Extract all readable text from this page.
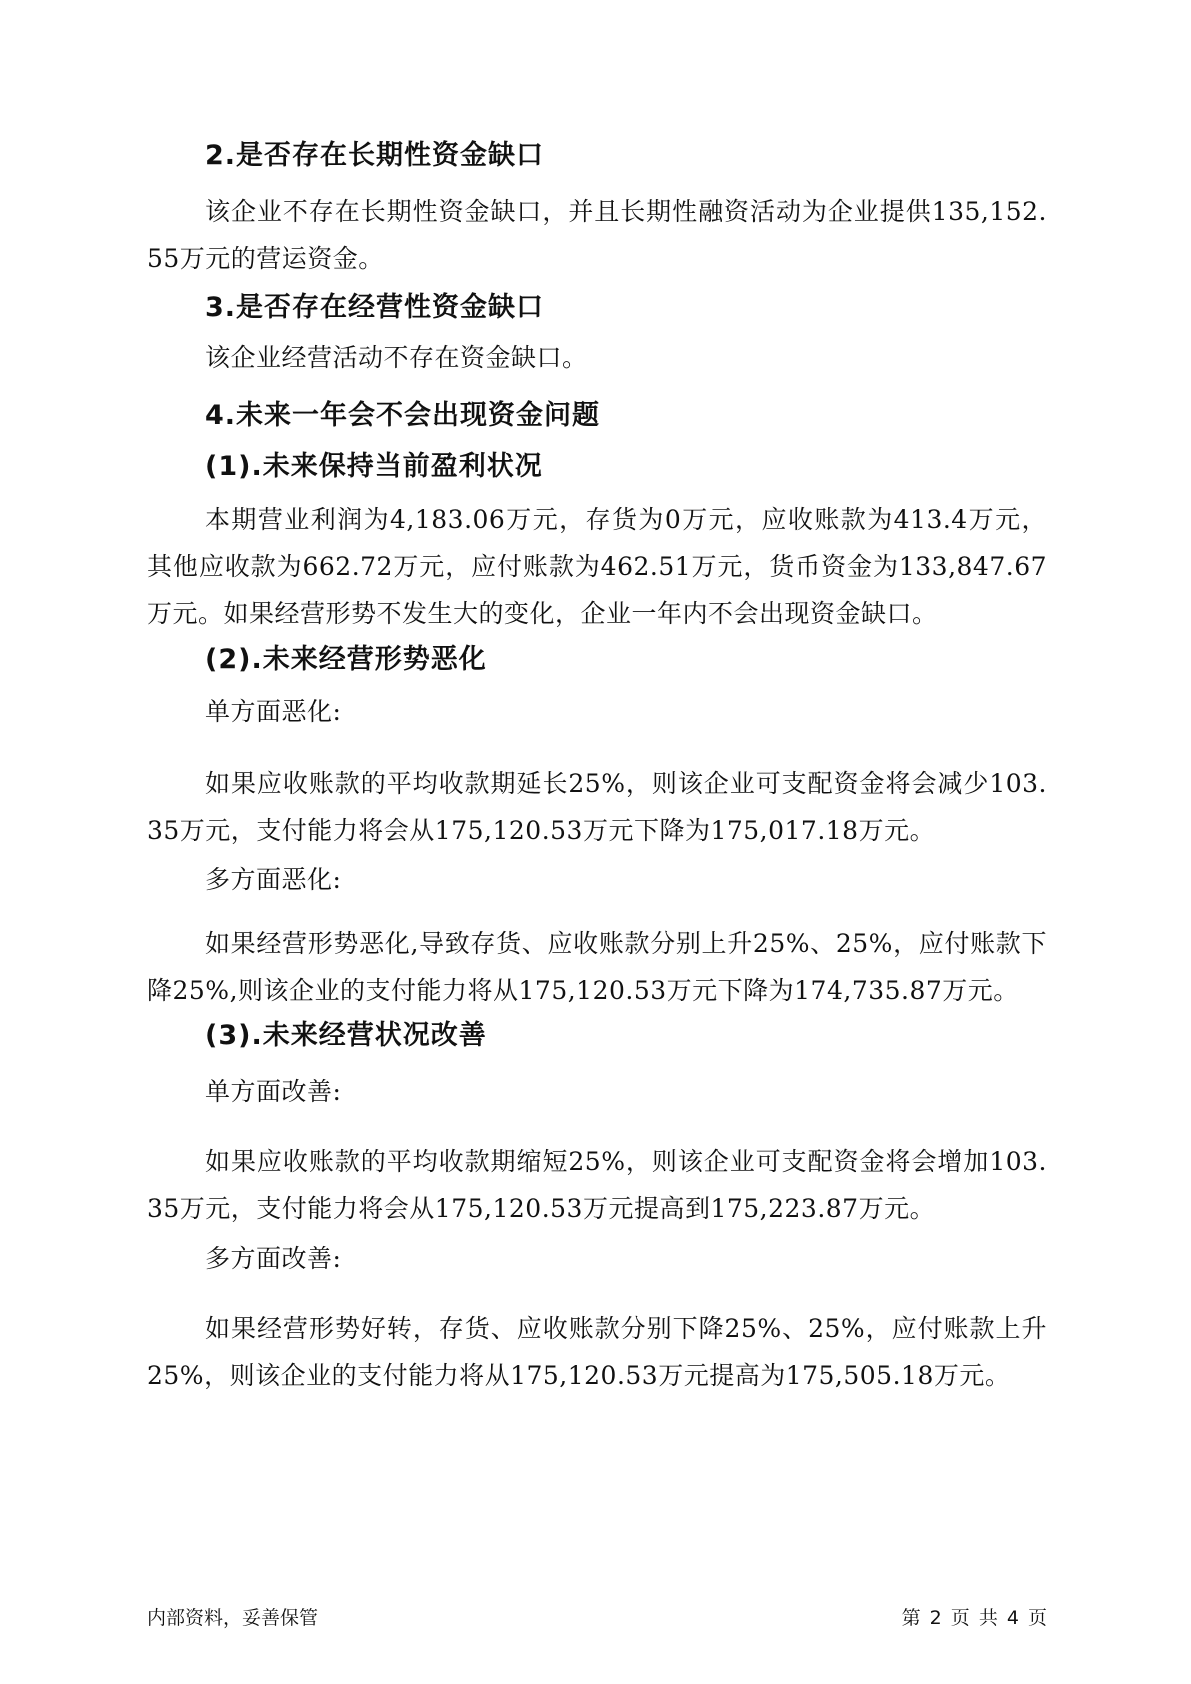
2.是否存在长期性资金缺口
该企业不存在长期性资金缺口，并且长期性融资活动为企业提供135,152.55万元的营运资金。
3.是否存在经营性资金缺口
该企业经营活动不存在资金缺口。
4.未来一年会不会出现资金问题
(1).未来保持当前盈利状况
本期营业利润为4,183.06万元，存货为0万元，应收账款为413.4万元，其他应收款为662.72万元，应付账款为462.51万元，货币资金为133,847.67万元。如果经营形势不发生大的变化，企业一年内不会出现资金缺口。
(2).未来经营形势恶化
单方面恶化:
如果应收账款的平均收款期延长25%，则该企业可支配资金将会减少103.35万元，支付能力将会从175,120.53万元下降为175,017.18万元。
多方面恶化:
如果经营形势恶化,导致存货、应收账款分别上升25%、25%，应付账款下降25%,则该企业的支付能力将从175,120.53万元下降为174,735.87万元。
(3).未来经营状况改善
单方面改善:
如果应收账款的平均收款期缩短25%，则该企业可支配资金将会增加103.35万元，支付能力将会从175,120.53万元提高到175,223.87万元。
多方面改善:
如果经营形势好转，存货、应收账款分别下降25%、25%，应付账款上升25%，则该企业的支付能力将从175,120.53万元提高为175,505.18万元。
内部资料，妥善保管	第 2 页 共 4 页
